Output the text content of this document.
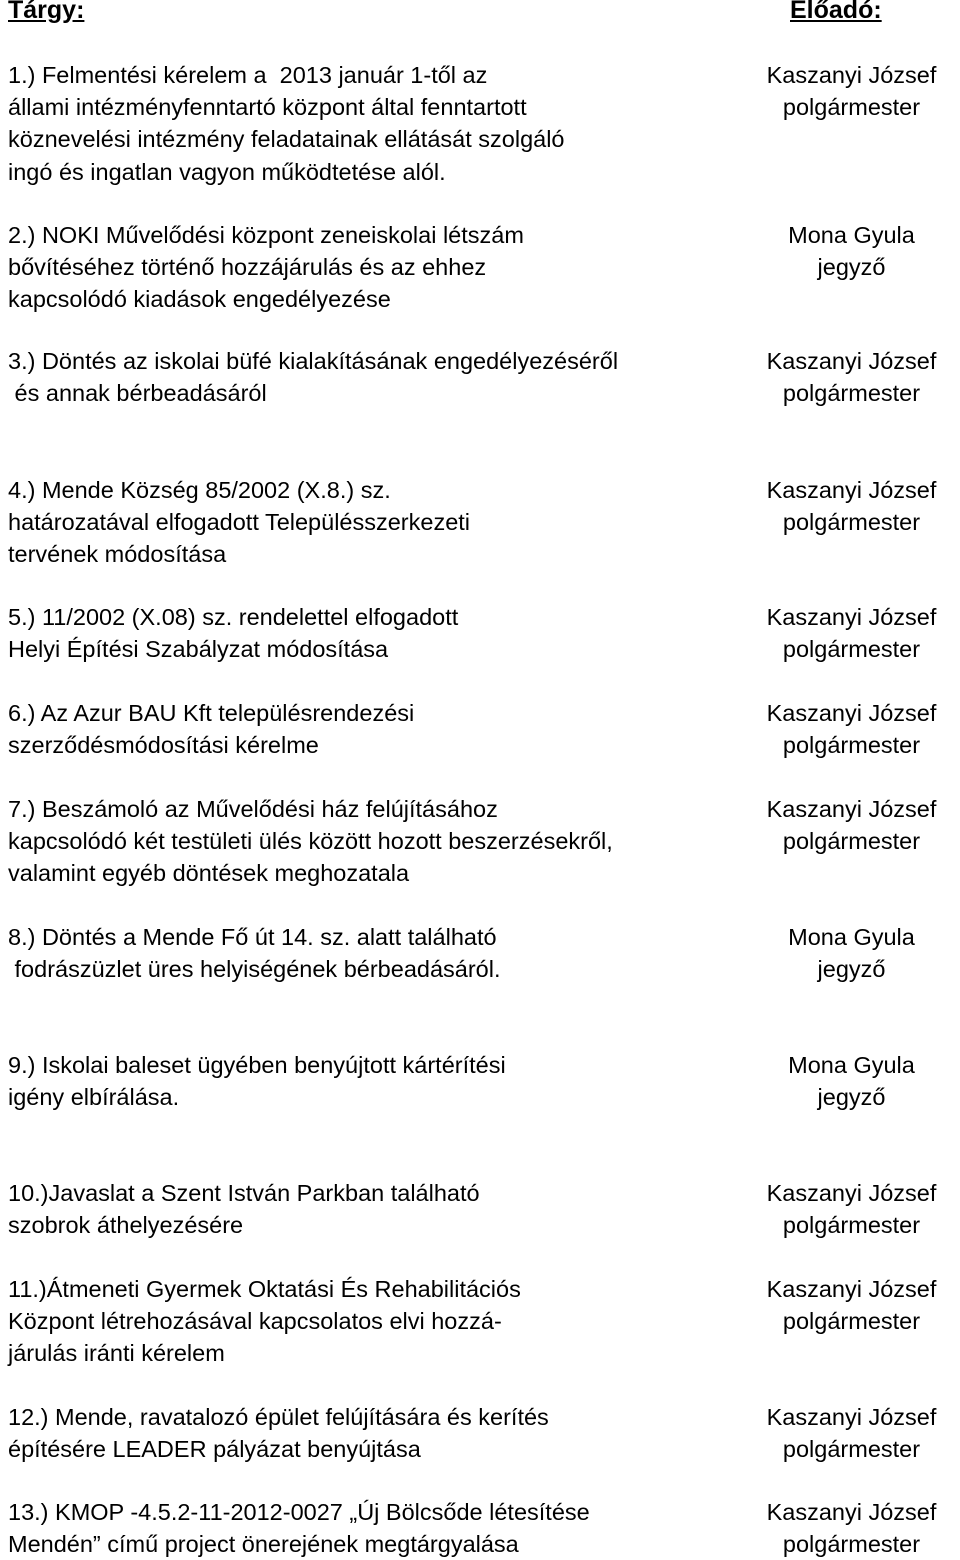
Tárgy:	Előadó:
1.) Felmentési kérelem a  2013 január 1-től az
állami intézményfenntartó központ által fenntartott
köznevelési intézmény feladatainak ellátását szolgáló
ingó és ingatlan vagyon működtetése alól.
Kaszanyi József
polgármester
2.) NOKI Művelődési központ zeneiskolai létszám
bővítéséhez történő hozzájárulás és az ehhez
kapcsolódó kiadások engedélyezése
Mona Gyula
jegyző
3.) Döntés az iskolai büfé kialakításának engedélyezéséről
és annak bérbeadásáról
Kaszanyi József
polgármester
4.) Mende Község 85/2002 (X.8.) sz.
határozatával elfogadott Településszerkezeti
tervének módosítása
Kaszanyi József
polgármester
5.) 11/2002 (X.08) sz. rendelettel elfogadott
Helyi Építési Szabályzat módosítása
Kaszanyi József
polgármester
6.) Az Azur BAU Kft településrendezési
szerződésmódosítási kérelme
Kaszanyi József
polgármester
7.) Beszámoló az Művelődési ház felújításához
kapcsolódó két testületi ülés között hozott beszerzésekről,
valamint egyéb döntések meghozatala
Kaszanyi József
polgármester
8.) Döntés a Mende Fő út 14. sz. alatt található
fodrászüzlet üres helyiségének bérbeadásáról.
Mona Gyula
jegyző
9.) Iskolai baleset ügyében benyújtott kártérítési
igény elbírálása.
Mona Gyula
jegyző
10.)Javaslat a Szent István Parkban található
szobrok áthelyezésére
Kaszanyi József
polgármester
11.)Átmeneti Gyermek Oktatási És Rehabilitációs
Központ létrehozásával kapcsolatos elvi hozzá-
járulás iránti kérelem
Kaszanyi József
polgármester
12.) Mende, ravatalozó épület felújítására és kerítés
építésére LEADER pályázat benyújtása
Kaszanyi József
polgármester
13.) KMOP -4.5.2-11-2012-0027 „Új Bölcsőde létesítése
Mendén” című project önerejének megtárgyalása
Kaszanyi József
polgármester
